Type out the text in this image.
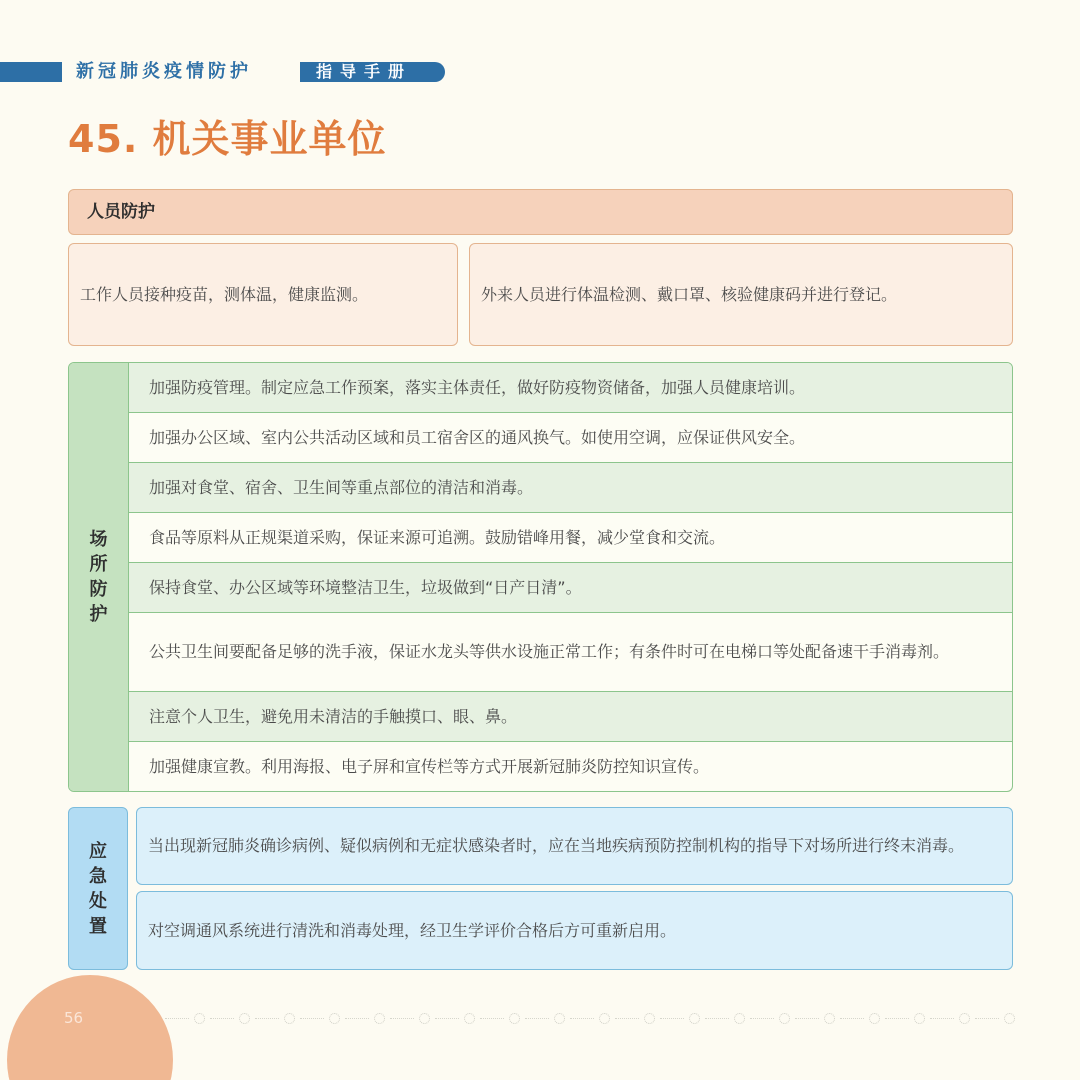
新冠肺炎疫情防护	指导手册
45. 机关事业单位
人员防护
工作人员接种疫苗，测体温，健康监测。	外来人员进行体温检测、戴口罩、核验健康码并进行登记。
场所防护
加强防疫管理。制定应急工作预案，落实主体责任，做好防疫物资储备，加强人员健康培训。
加强办公区域、室内公共活动区域和员工宿舍区的通风换气。如使用空调，应保证供风安全。
加强对食堂、宿舍、卫生间等重点部位的清洁和消毒。
食品等原料从正规渠道采购，保证来源可追溯。鼓励错峰用餐，减少堂食和交流。
保持食堂、办公区域等环境整洁卫生，垃圾做到“日产日清”。
公共卫生间要配备足够的洗手液，保证水龙头等供水设施正常工作；有条件时可在电梯口等处配备速干手消毒剂。
注意个人卫生，避免用未清洁的手触摸口、眼、鼻。
加强健康宣教。利用海报、电子屏和宣传栏等方式开展新冠肺炎防控知识宣传。
应急处置
当出现新冠肺炎确诊病例、疑似病例和无症状感染者时，应在当地疾病预防控制机构的指导下对场所进行终末消毒。
对空调通风系统进行清洗和消毒处理，经卫生学评价合格后方可重新启用。
56
